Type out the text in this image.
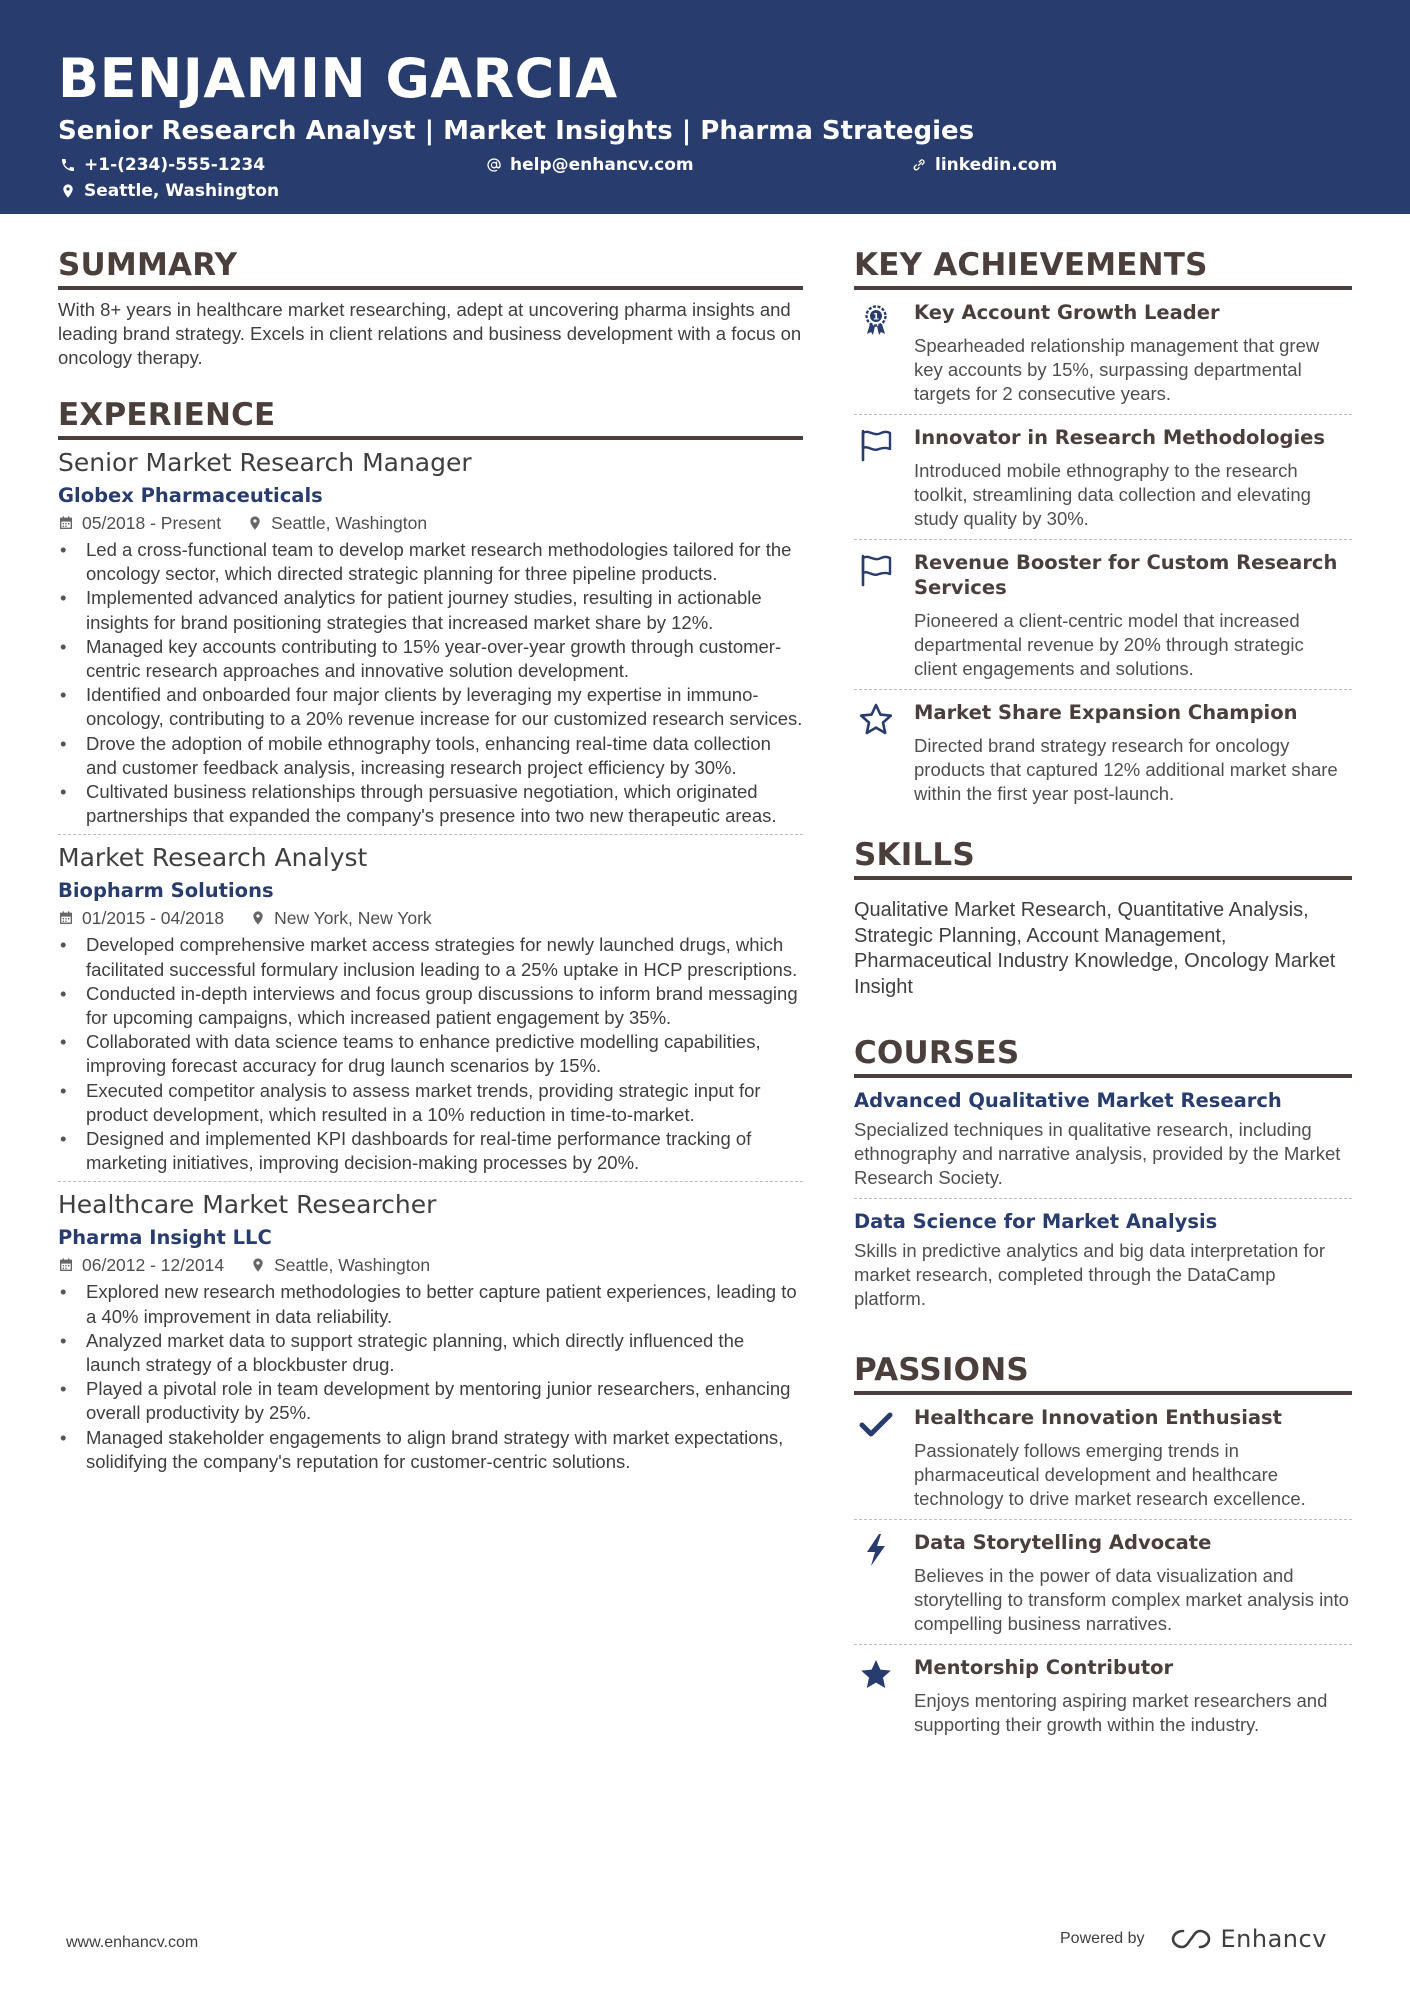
BENJAMIN GARCIA
Senior Research Analyst | Market Insights | Pharma Strategies
+1-(234)-555-1234	help@enhancv.com	linkedin.com
Seattle, Washington
SUMMARY
With 8+ years in healthcare market researching, adept at uncovering pharma insights and leading brand strategy. Excels in client relations and business development with a focus on oncology therapy.
EXPERIENCE
Senior Market Research Manager
Globex Pharmaceuticals
05/2018 - Present	Seattle, Washington
• Led a cross-functional team to develop market research methodologies tailored for the oncology sector, which directed strategic planning for three pipeline products.
• Implemented advanced analytics for patient journey studies, resulting in actionable insights for brand positioning strategies that increased market share by 12%.
• Managed key accounts contributing to 15% year-over-year growth through customer-centric research approaches and innovative solution development.
• Identified and onboarded four major clients by leveraging my expertise in immuno-oncology, contributing to a 20% revenue increase for our customized research services.
• Drove the adoption of mobile ethnography tools, enhancing real-time data collection and customer feedback analysis, increasing research project efficiency by 30%.
• Cultivated business relationships through persuasive negotiation, which originated partnerships that expanded the company's presence into two new therapeutic areas.
Market Research Analyst
Biopharm Solutions
01/2015 - 04/2018	New York, New York
• Developed comprehensive market access strategies for newly launched drugs, which facilitated successful formulary inclusion leading to a 25% uptake in HCP prescriptions.
• Conducted in-depth interviews and focus group discussions to inform brand messaging for upcoming campaigns, which increased patient engagement by 35%.
• Collaborated with data science teams to enhance predictive modelling capabilities, improving forecast accuracy for drug launch scenarios by 15%.
• Executed competitor analysis to assess market trends, providing strategic input for product development, which resulted in a 10% reduction in time-to-market.
• Designed and implemented KPI dashboards for real-time performance tracking of marketing initiatives, improving decision-making processes by 20%.
Healthcare Market Researcher
Pharma Insight LLC
06/2012 - 12/2014	Seattle, Washington
• Explored new research methodologies to better capture patient experiences, leading to a 40% improvement in data reliability.
• Analyzed market data to support strategic planning, which directly influenced the launch strategy of a blockbuster drug.
• Played a pivotal role in team development by mentoring junior researchers, enhancing overall productivity by 25%.
• Managed stakeholder engagements to align brand strategy with market expectations, solidifying the company's reputation for customer-centric solutions.
KEY ACHIEVEMENTS
1 Key Account Growth Leader
Spearheaded relationship management that grew key accounts by 15%, surpassing departmental targets for 2 consecutive years.
Innovator in Research Methodologies
Introduced mobile ethnography to the research toolkit, streamlining data collection and elevating study quality by 30%.
Revenue Booster for Custom Research Services
Pioneered a client-centric model that increased departmental revenue by 20% through strategic client engagements and solutions.
Market Share Expansion Champion
Directed brand strategy research for oncology products that captured 12% additional market share within the first year post-launch.
SKILLS
Qualitative Market Research, Quantitative Analysis, Strategic Planning, Account Management, Pharmaceutical Industry Knowledge, Oncology Market Insight
COURSES
Advanced Qualitative Market Research
Specialized techniques in qualitative research, including ethnography and narrative analysis, provided by the Market Research Society.
Data Science for Market Analysis
Skills in predictive analytics and big data interpretation for market research, completed through the DataCamp platform.
PASSIONS
Healthcare Innovation Enthusiast
Passionately follows emerging trends in pharmaceutical development and healthcare technology to drive market research excellence.
Data Storytelling Advocate
Believes in the power of data visualization and storytelling to transform complex market analysis into compelling business narratives.
Mentorship Contributor
Enjoys mentoring aspiring market researchers and supporting their growth within the industry.
www.enhancv.com	Powered by	Enhancv
